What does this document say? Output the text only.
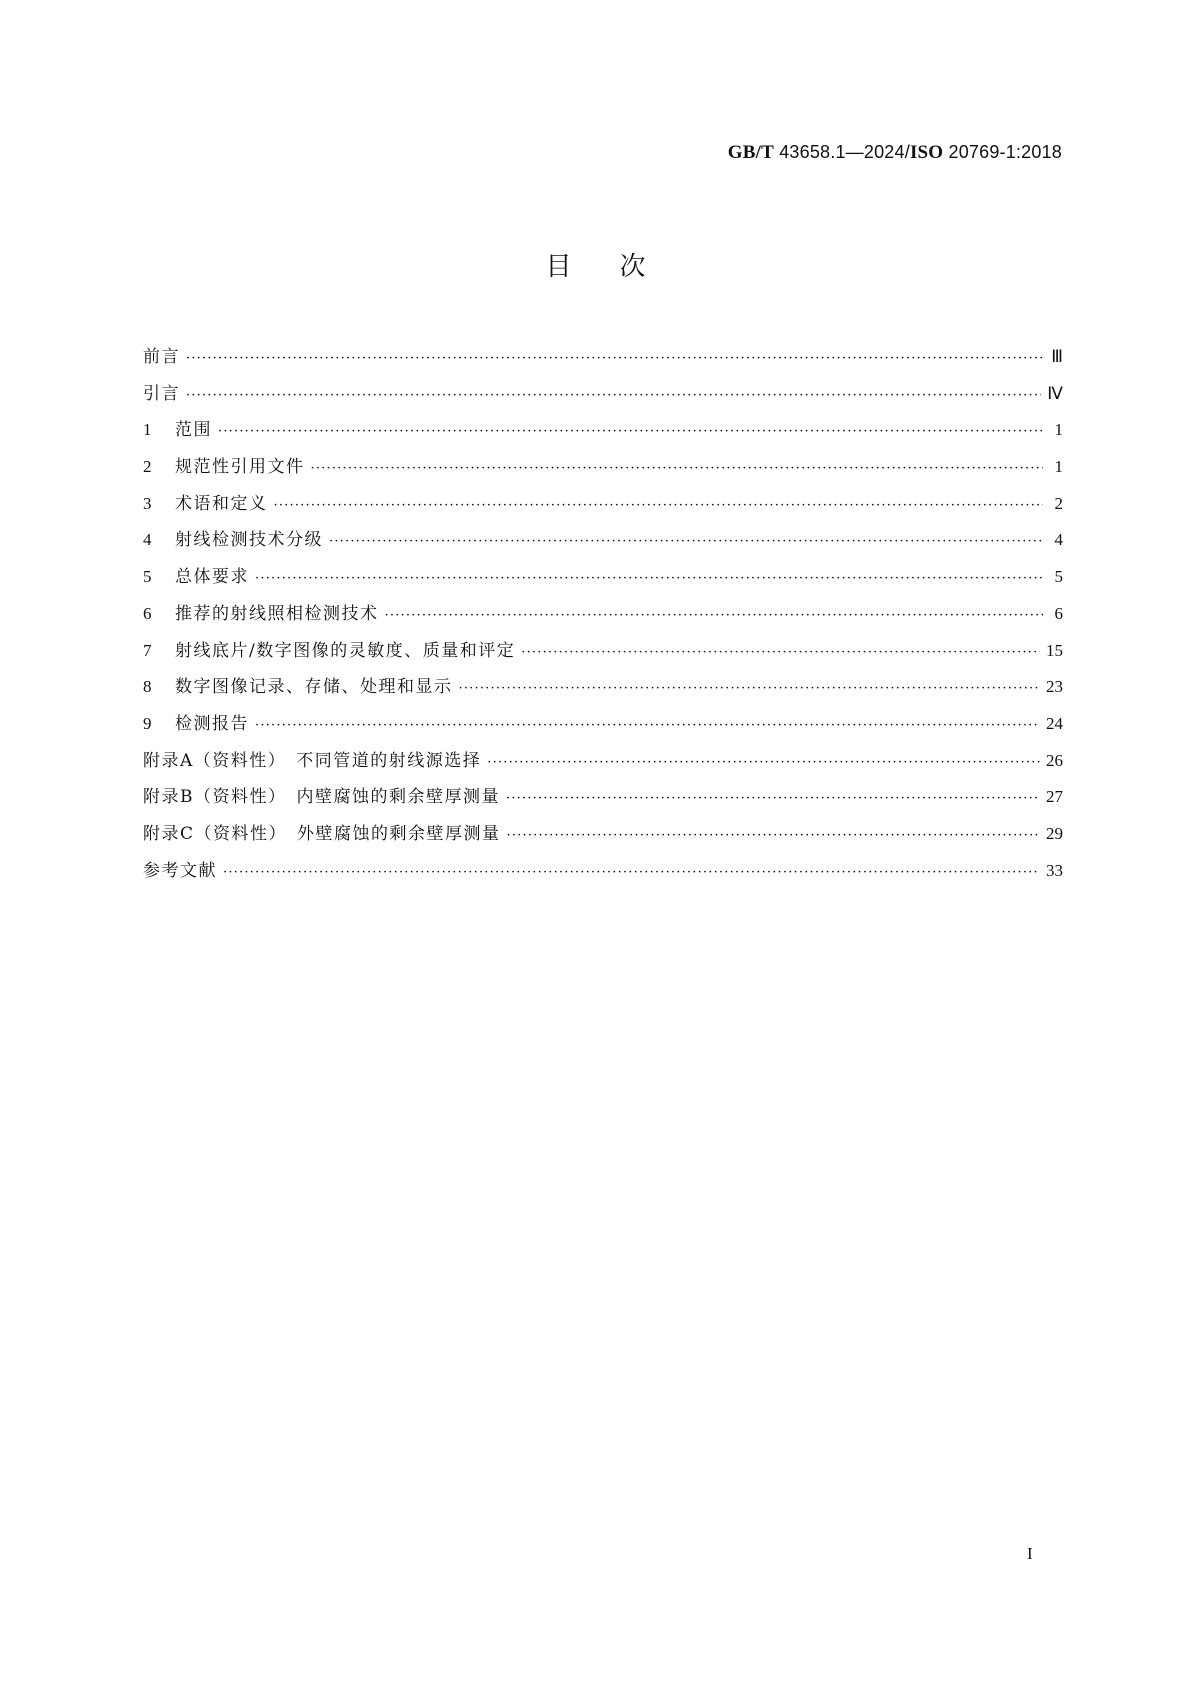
GB/T 43658.1—2024/ISO 20769-1:2018
目次
前言 ·····	Ⅲ
引言 ·····	Ⅳ
1	范围 ·····	1
2	规范性引用文件 ·····	1
3	术语和定义 ·····	2
4	射线检测技术分级 ·····	4
5	总体要求 ·····	5
6	推荐的射线照相检测技术 ·····	6
7	射线底片/数字图像的灵敏度、质量和评定 ·····	15
8	数字图像记录、存储、处理和显示 ·····	23
9	检测报告 ·····	24
附录A（资料性）　不同管道的射线源选择 ·····	26
附录B（资料性）　内壁腐蚀的剩余壁厚测量 ·····	27
附录C（资料性）　外壁腐蚀的剩余壁厚测量 ·····	29
参考文献 ·····	33
I
